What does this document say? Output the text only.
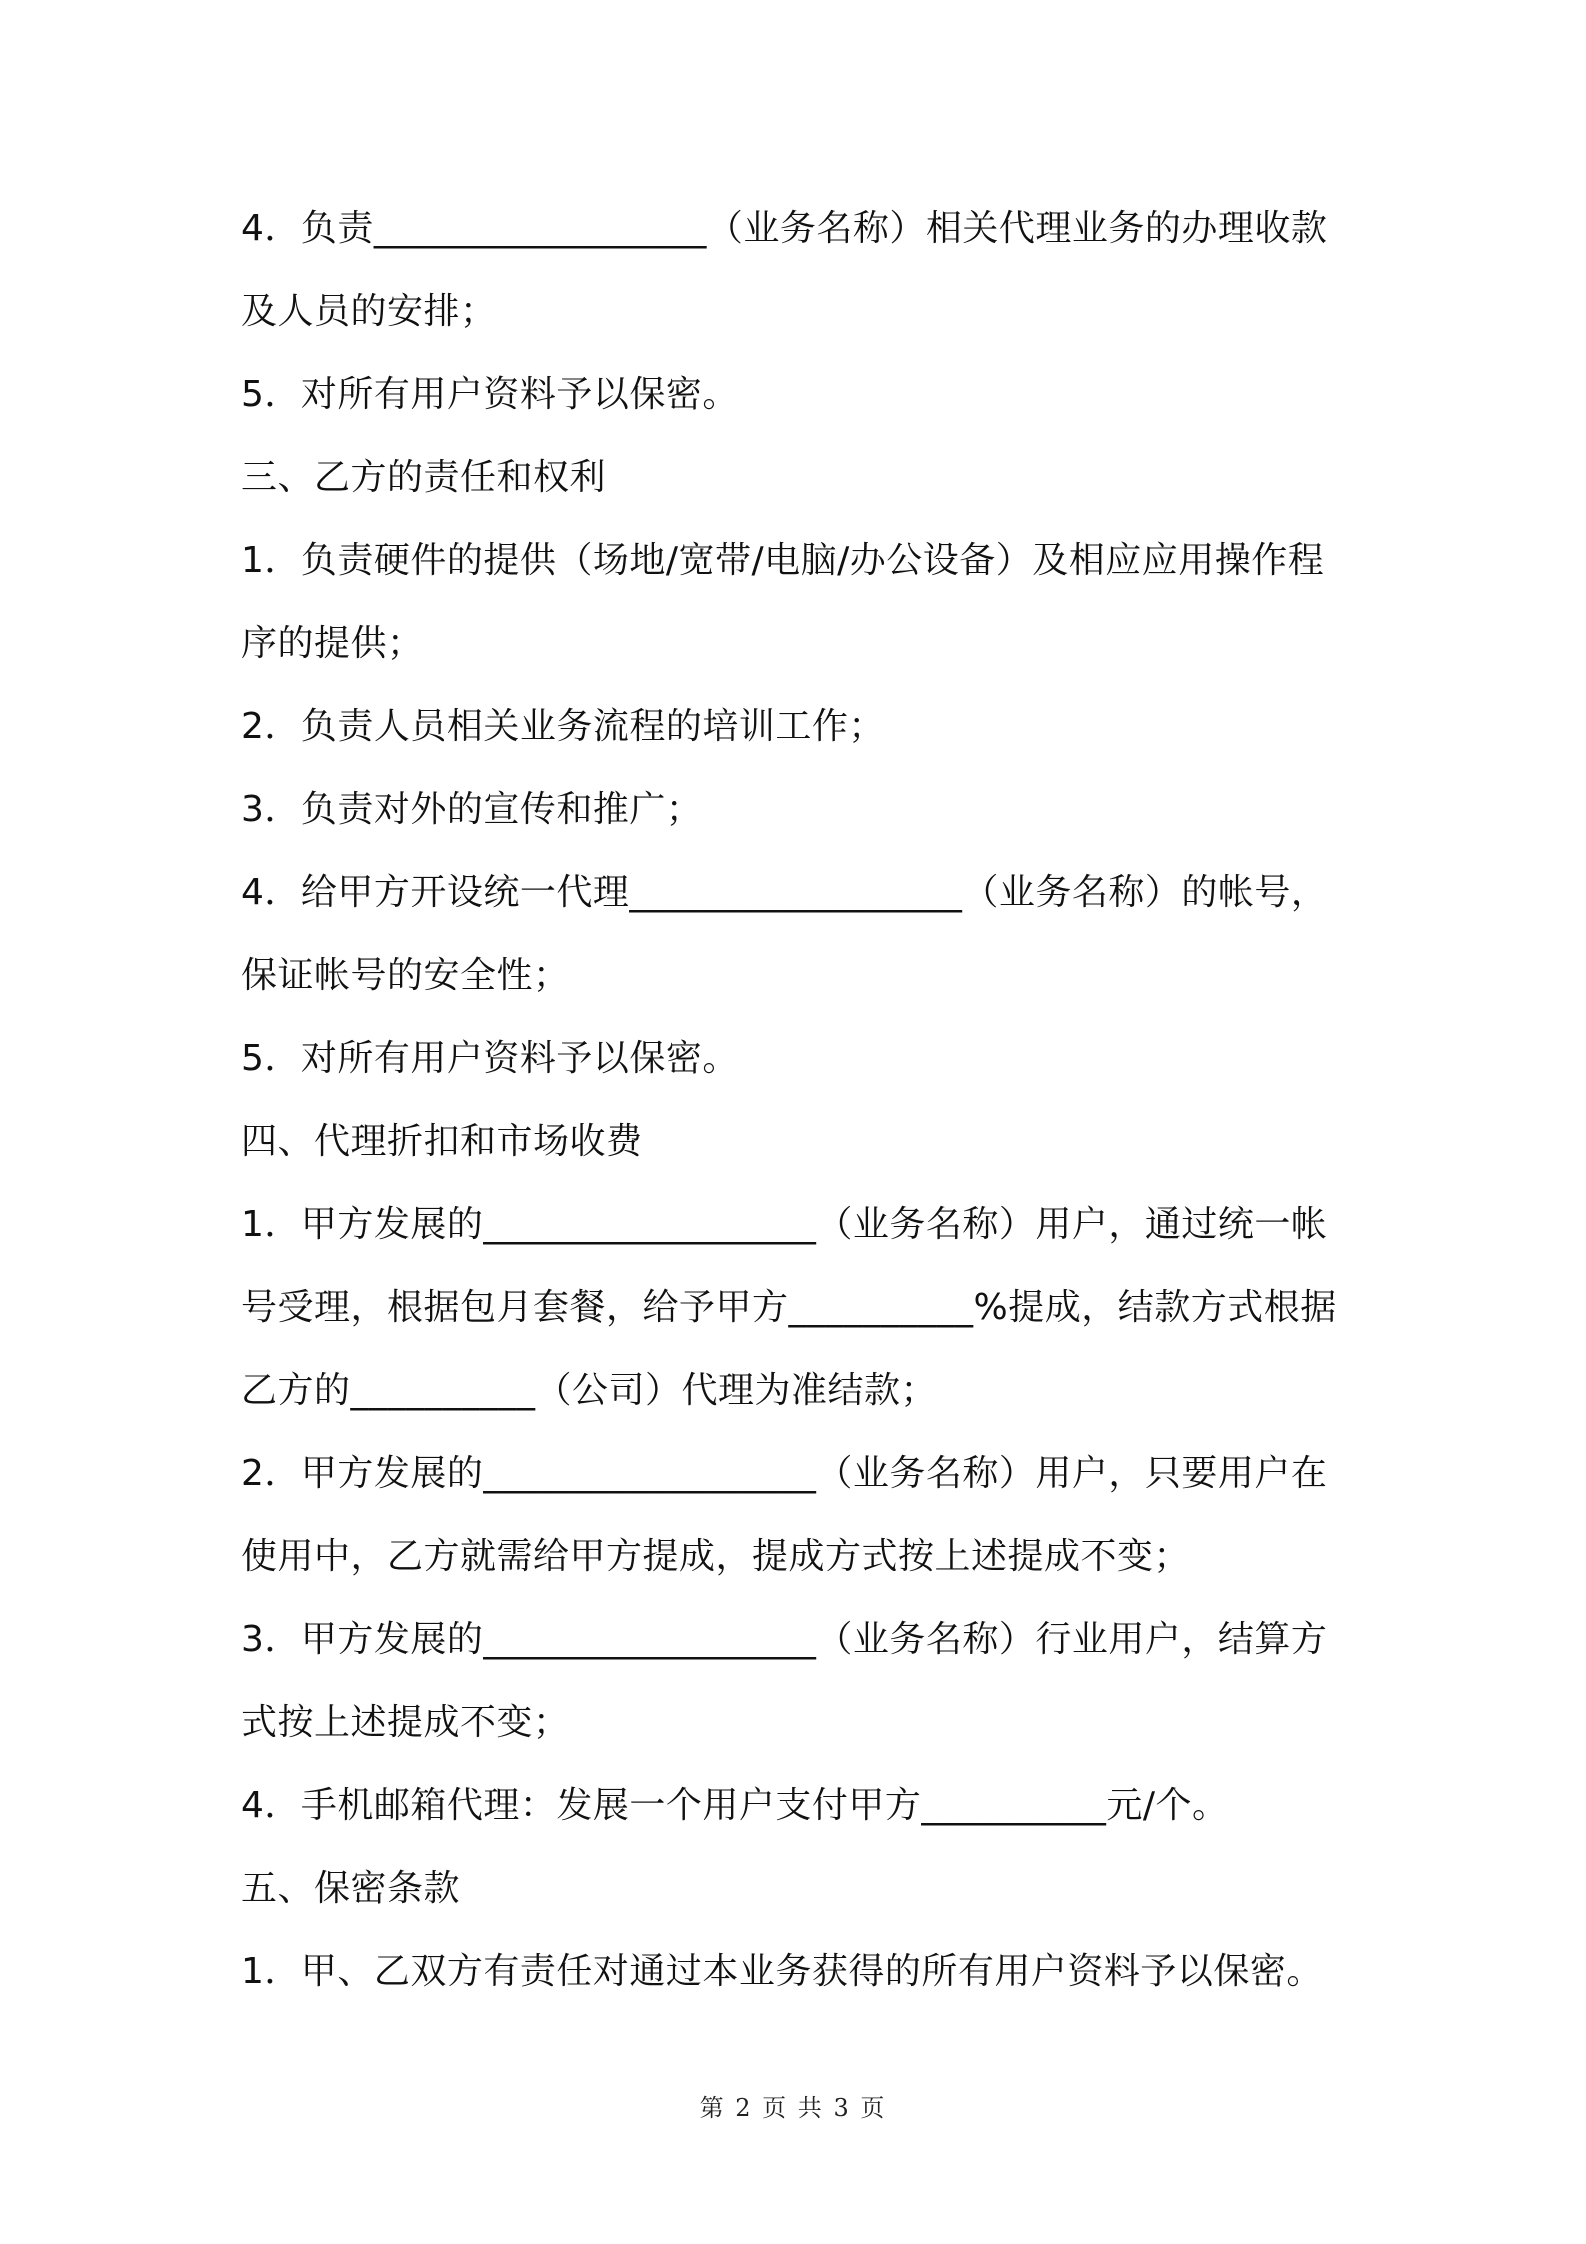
4．负责__________________（业务名称）相关代理业务的办理收款
及人员的安排；
5．对所有用户资料予以保密。
三、乙方的责任和权利
1．负责硬件的提供（场地/宽带/电脑/办公设备）及相应应用操作程
序的提供；
2．负责人员相关业务流程的培训工作；
3．负责对外的宣传和推广；
4．给甲方开设统一代理__________________（业务名称）的帐号，
保证帐号的安全性；
5．对所有用户资料予以保密。
四、代理折扣和市场收费
1．甲方发展的__________________（业务名称）用户，通过统一帐
号受理，根据包月套餐，给予甲方__________%提成，结款方式根据
乙方的__________（公司）代理为准结款；
2．甲方发展的__________________（业务名称）用户，只要用户在
使用中，乙方就需给甲方提成，提成方式按上述提成不变；
3．甲方发展的__________________（业务名称）行业用户，结算方
式按上述提成不变；
4．手机邮箱代理：发展一个用户支付甲方__________元/个。
五、保密条款
1．甲、乙双方有责任对通过本业务获得的所有用户资料予以保密。
第 2 页 共 3 页
